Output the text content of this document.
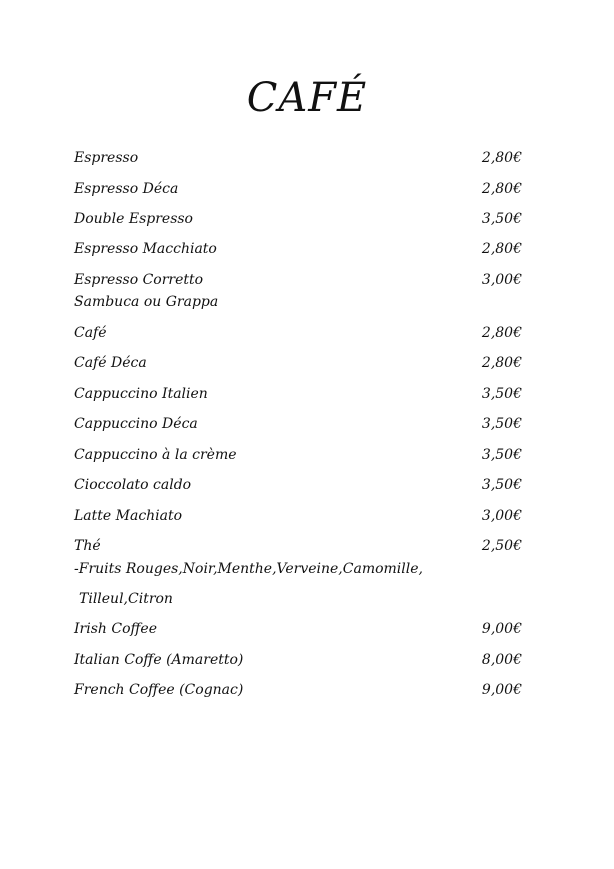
CAFÉ
Espresso	2,80€
Espresso Déca	2,80€
Double Espresso	3,50€
Espresso Macchiato	2,80€
Espresso Corretto	3,00€
Sambuca ou Grappa
Café	2,80€
Café Déca	2,80€
Cappuccino Italien	3,50€
Cappuccino Déca	3,50€
Cappuccino à la crème	3,50€
Cioccolato caldo	3,50€
Latte Machiato	3,00€
Thé	2,50€
-Fruits Rouges,Noir,Menthe,Verveine,Camomille,
Tilleul,Citron
Irish Coffee	9,00€
Italian Coffe (Amaretto)	8,00€
French Coffee (Cognac)	9,00€
